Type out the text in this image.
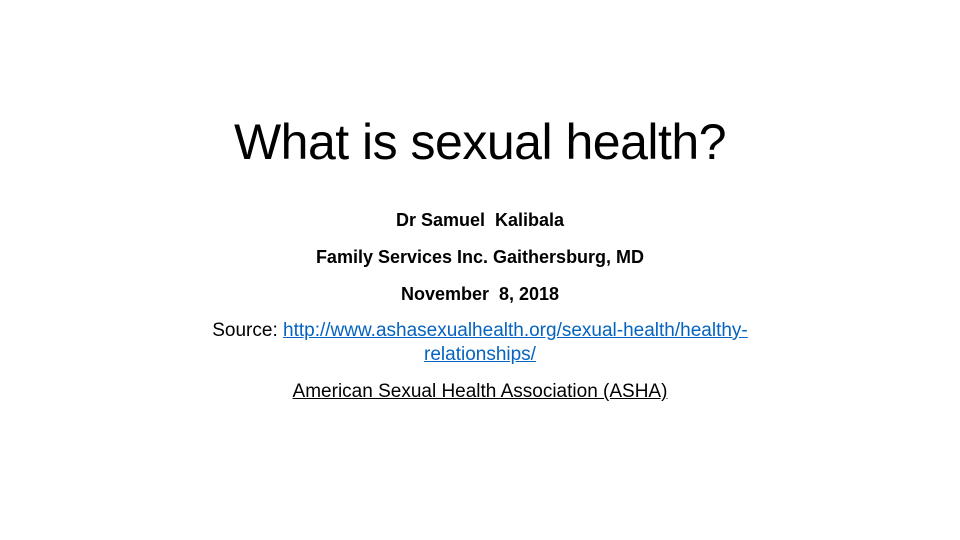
What is sexual health?
Dr Samuel  Kalibala
Family Services Inc. Gaithersburg, MD
November  8, 2018
Source: http://www.ashasexualhealth.org/sexual-health/healthy-
relationships/
American Sexual Health Association (ASHA)
